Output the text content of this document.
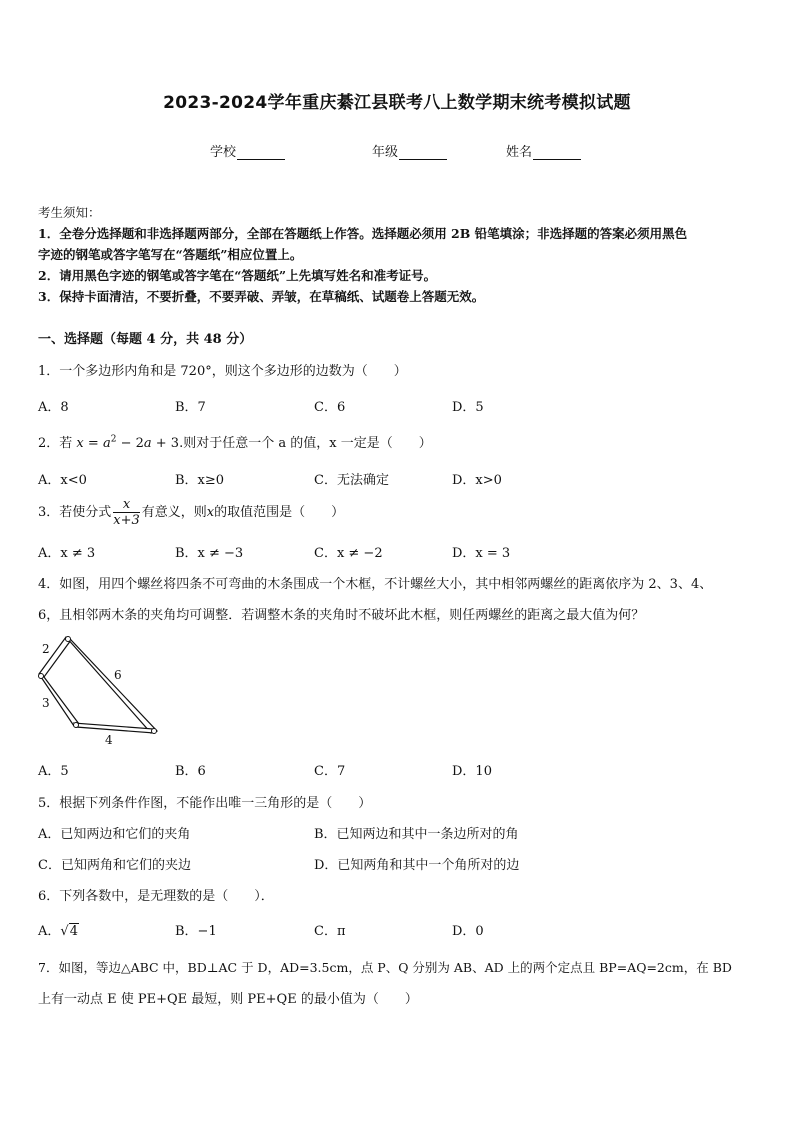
2023-2024学年重庆綦江县联考八上数学期末统考模拟试题
学校	年级	姓名
考生须知：
1．全卷分选择题和非选择题两部分，全部在答题纸上作答。选择题必须用 2B 铅笔填涂；非选择题的答案必须用黑色
字迹的钢笔或答字笔写在“答题纸”相应位置上。
2．请用黑色字迹的钢笔或答字笔在“答题纸”上先填写姓名和准考证号。
3．保持卡面清洁，不要折叠，不要弄破、弄皱，在草稿纸、试题卷上答题无效。
一、选择题（每题 4 分，共 48 分）
1．一个多边形内角和是 720°，则这个多边形的边数为（　　）
A．8	B．7	C．6	D．5
2．若 $x = a^2 - 2a + 3$.则对于任意一个 a 的值，x 一定是（　　）
A．x<0	B．x≥0	C．无法确定	D．x>0
3．若使分式 $\frac{x}{x+3}$ 有意义，则x的取值范围是（　　）
A．x ≠ 3	B．x ≠ −3	C．x ≠ −2	D．x = 3
4．如图，用四个螺丝将四条不可弯曲的木条围成一个木框，不计螺丝大小，其中相邻两螺丝的距离依序为 2、3、4、
6，且相邻两木条的夹角均可调整．若调整木条的夹角时不破坏此木框，则任两螺丝的距离之最大值为何？
2
6
3
4
A．5	B．6	C．7	D．10
5．根据下列条件作图，不能作出唯一三角形的是（　　）
A．已知两边和它们的夹角	B．已知两边和其中一条边所对的角
C．已知两角和它们的夹边	D．已知两角和其中一个角所对的边
6．下列各数中，是无理数的是（　　）．
A．√4	B．−1	C．π	D．0
7．如图，等边△ABC 中，BD⊥AC 于 D，AD=3.5cm，点 P、Q 分别为 AB、AD 上的两个定点且 BP=AQ=2cm，在 BD
上有一动点 E 使 PE+QE 最短，则 PE+QE 的最小值为（　　）
